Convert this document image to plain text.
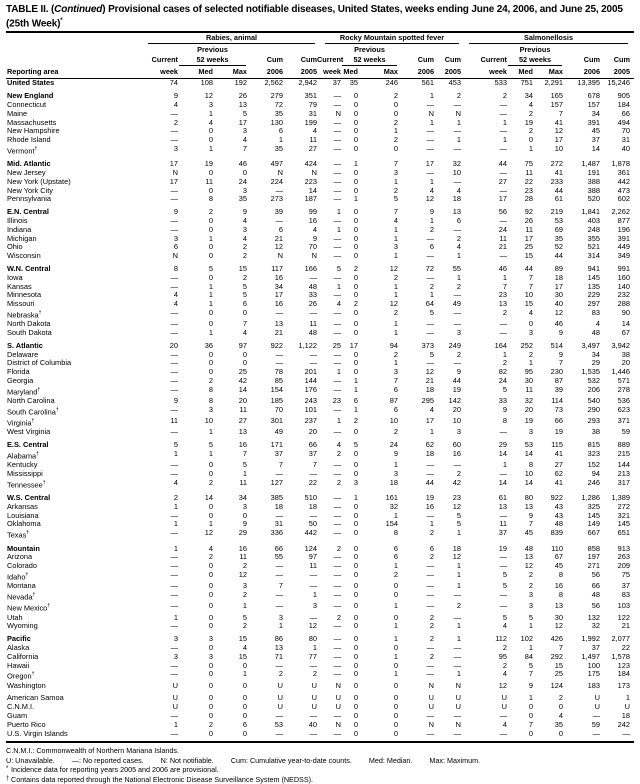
TABLE II. (Continued) Provisional cases of selected notifiable diseases, United States, weeks ending June 24, 2006, and June 25, 2005
(25th Week)*
Rabies, animal	Rocky Mountain spotted fever	Salmonellosis
Previous	Previous	Previous
Current	52 weeks	Cum	Cum Current	52 weeks	Cum	Cum	Current	52 weeks	Cum	Cum
Reporting area	week	Med	Max	2006	2005 week Med	Max	2006	2005	week	Med	Max	2006	2005
United States	74	108	192	2,562	2,942	37	35	246	561	453	533	751	2,291	13,395 15,246
New England	9	12	26	279	351	—	0	2	1	2	2	34	165	678	905
Connecticut	4	3	13	72	79	—	0	0	—	—	—	4	157	157	184
Maine	—	1	5	35	31	N	0	0	N	N	—	2	7	34	66
Massachusetts	2	4	17	130	199	—	0	2	1	1	1	19	41	391	494
New Hampshire	—	0	3	6	4	—	0	1	—	—	—	2	12	45	70
Rhode Island	—	0	4	1	11	—	0	2	—	1	1	0	17	37	31
Vermont†	3	1	7	35	27	—	0	0	—	—	—	1	10	14	40
Mid. Atlantic	17	19	46	497	424	—	1	7	17	32	44	75	272	1,487	1,878
New Jersey	N	0	0	N	N	—	0	3	—	10	—	11	41	191	361
New York (Upstate)	17	11	24	224	223	—	0	1	1	—	27	22	233	388	442
New York City	—	0	3	—	14	—	0	2	4	4	—	23	44	388	473
Pennsylvania	—	8	35	273	187	—	1	5	12	18	17	28	61	520	602
E.N. Central	9	2	9	39	99	1	0	7	9	13	56	92	219	1,841	2,262
Illinois	—	0	4	—	16	—	0	4	1	6	—	26	53	403	877
Indiana	—	0	3	6	4	1	0	1	2	—	24	11	69	248	196
Michigan	3	1	4	21	9	—	0	1	—	2	11	17	35	355	391
Ohio	6	0	2	12	70	—	0	3	6	4	21	25	52	521	449
Wisconsin	N	0	2	N	N	—	0	1	—	1	—	15	44	314	349
W.N. Central	8	5	15	117	166	5	2	12	72	55	46	44	89	941	991
Iowa	—	0	2	16	—	—	0	2	—	1	1	7	18	145	160
Kansas	—	1	5	34	48	1	0	1	2	2	7	7	17	135	140
Minnesota	4	1	5	17	33	—	0	1	1	—	23	10	30	229	232
Missouri	4	1	6	16	26	4	2	12	64	49	13	15	40	297	288
Nebraska†	—	0	0	—	—	—	0	2	5	—	2	4	12	83	90
North Dakota	—	0	7	13	11	—	0	1	—	—	—	0	46	4	14
South Dakota	—	1	4	21	48	—	0	1	—	3	—	3	9	48	67
S. Atlantic	20	36	97	922	1,122	25	17	94	373	249	164	252	514	3,497	3,942
Delaware	—	0	0	—	—	—	0	2	5	2	1	2	9	34	38
District of Columbia	—	0	0	—	—	—	0	1	—	—	2	1	7	29	20
Florida	—	0	25	78	201	1	0	3	12	9	82	95	230	1,535	1,446
Georgia	—	2	42	85	144	—	1	7	21	44	24	30	87	532	571
Maryland†	—	8	14	154	176	—	1	6	18	19	5	11	39	206	278
North Carolina	9	8	20	185	243	23	6	87	295	142	33	32	114	540	536
South Carolina†	—	3	11	70	101	—	1	6	4	20	9	20	73	290	623
Virginia†	11	10	27	301	237	1	2	10	17	10	8	19	66	293	371
West Virginia	—	1	13	49	20	—	0	2	1	3	—	3	19	38	59
E.S. Central	5	5	16	171	66	4	5	24	62	60	29	53	115	815	889
Alabama†	1	1	7	37	37	2	0	9	18	16	14	14	41	323	215
Kentucky	—	0	5	7	7	—	0	1	—	—	1	8	27	152	144
Mississippi	—	0	1	—	—	—	0	3	—	2	—	10	62	94	213
Tennessee†	4	2	11	127	22	2	3	18	44	42	14	14	41	246	317
W.S. Central	2	14	34	385	510	—	1	161	19	23	61	80	922	1,286	1,389
Arkansas	1	0	3	18	18	—	0	32	16	12	13	13	43	325	272
Louisiana	—	0	0	—	—	—	0	1	—	5	—	9	43	145	321
Oklahoma	1	1	9	31	50	—	0	154	1	5	11	7	48	149	145
Texas†	—	12	29	336	442	—	0	8	2	1	37	45	839	667	651
Mountain	1	4	16	66	124	2	0	6	6	18	19	48	110	858	913
Arizona	—	2	11	55	97	—	0	6	2	12	—	13	67	197	263
Colorado	—	0	2	—	11	—	0	1	—	1	—	12	45	271	209
Idaho†	—	0	12	—	—	—	0	2	—	1	5	2	8	56	75
Montana	—	0	3	7	—	—	0	0	—	1	5	2	16	66	37
Nevada†	—	0	2	—	1	—	0	0	—	—	—	3	8	48	83
New Mexico†	—	0	1	—	3	—	0	1	—	2	—	3	13	56	103
Utah	1	0	5	3	—	2	0	0	2	—	5	5	30	132	122
Wyoming	—	0	2	1	12	—	0	1	2	1	4	1	12	32	21
Pacific	3	3	15	86	80	—	0	1	2	1	112	102	426	1,992	2,077
Alaska	—	0	4	13	1	—	0	0	—	—	2	1	7	37	22
California	3	3	15	71	77	—	0	1	2	—	95	84	292	1,497	1,578
Hawaii	—	0	0	—	—	—	0	0	—	—	2	5	15	100	123
Oregon†	—	0	1	2	2	—	0	1	—	1	4	7	25	175	184
Washington	U	0	0	U	U	N	0	0	N	N	12	9	124	183	173
American Samoa	U	0	0	U	U	U	0	0	U	U	U	1	2	U	1
C.N.M.I.	U	0	0	U	U	U	0	0	U	U	U	0	0	U	U
Guam	—	0	0	—	—	—	0	0	—	—	—	0	4	—	18
Puerto Rico	1	2	6	53	40	N	0	0	N	N	4	7	35	59	242
U.S. Virgin Islands	—	0	0	—	—	—	0	0	—	—	—	0	0	—	—
C.N.M.I.: Commonwealth of Northern Mariana Islands.
U: Unavailable. —: No reported cases. N: Not notifiable. Cum: Cumulative year-to-date counts. Med: Median. Max: Maximum.
* Incidence data for reporting years 2005 and 2006 are provisional.
† Contains data reported through the National Electronic Disease Surveillance System (NEDSS).
